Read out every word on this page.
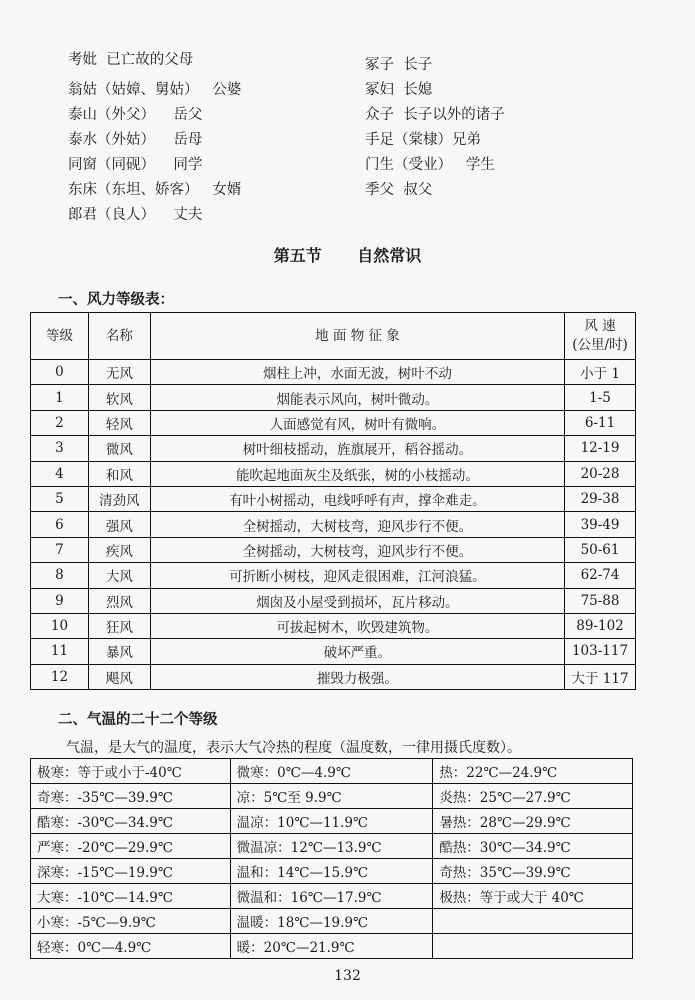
考妣  已亡故的父母
翁姑（姑嫜、舅姑）   公婆
泰山（外父）    岳父
泰水（外姑）    岳母
同窗（同砚）    同学
东床（东坦、娇客）   女婿
郎君（良人）    丈夫
冢子  长子
冢妇  长媳
众子  长子以外的诸子
手足（棠棣）兄弟
门生（受业）   学生
季父  叔父
第五节 自然常识
一、风力等级表：
等级	名称	地 面 物 征 象	风 速
(公里/时)
0	无风	烟柱上冲，水面无波，树叶不动	小于 1
1	软风	烟能表示风向，树叶微动。	1-5
2	轻风	人面感觉有风，树叶有微响。	6-11
3	微风	树叶细枝摇动，旌旗展开，稻谷摇动。	12-19
4	和风	能吹起地面灰尘及纸张，树的小枝摇动。	20-28
5	清劲风	有叶小树摇动，电线呼呼有声，撑伞难走。	29-38
6	强风	全树摇动，大树枝弯，迎风步行不便。	39-49
7	疾风	全树摇动，大树枝弯，迎风步行不便。	50-61
8	大风	可折断小树枝，迎风走很困难，江河浪猛。	62-74
9	烈风	烟囱及小屋受到损坏，瓦片移动。	75-88
10	狂风	可拔起树木，吹毁建筑物。	89-102
11	暴风	破坏严重。	103-117
12	飓风	摧毁力极强。	大于 117
二、气温的二十二个等级
气温，是大气的温度，表示大气冷热的程度（温度数，一律用摄氏度数）。
极寒：等于或小于-40℃	微寒：0℃—4.9℃	热：22℃—24.9℃
奇寒：-35℃—39.9℃	凉：5℃至 9.9℃	炎热：25℃—27.9℃
酷寒：-30℃—34.9℃	温凉：10℃—11.9℃	暑热：28℃—29.9℃
严寒：-20℃—29.9℃	微温凉：12℃—13.9℃	酷热：30℃—34.9℃
深寒：-15℃—19.9℃	温和：14℃—15.9℃	奇热：35℃—39.9℃
大寒：-10℃—14.9℃	微温和：16℃—17.9℃	极热：等于或大于 40℃
小寒：-5℃—9.9℃	温暖：18℃—19.9℃	
轻寒：0℃—4.9℃	暖：20℃—21.9℃	
132
